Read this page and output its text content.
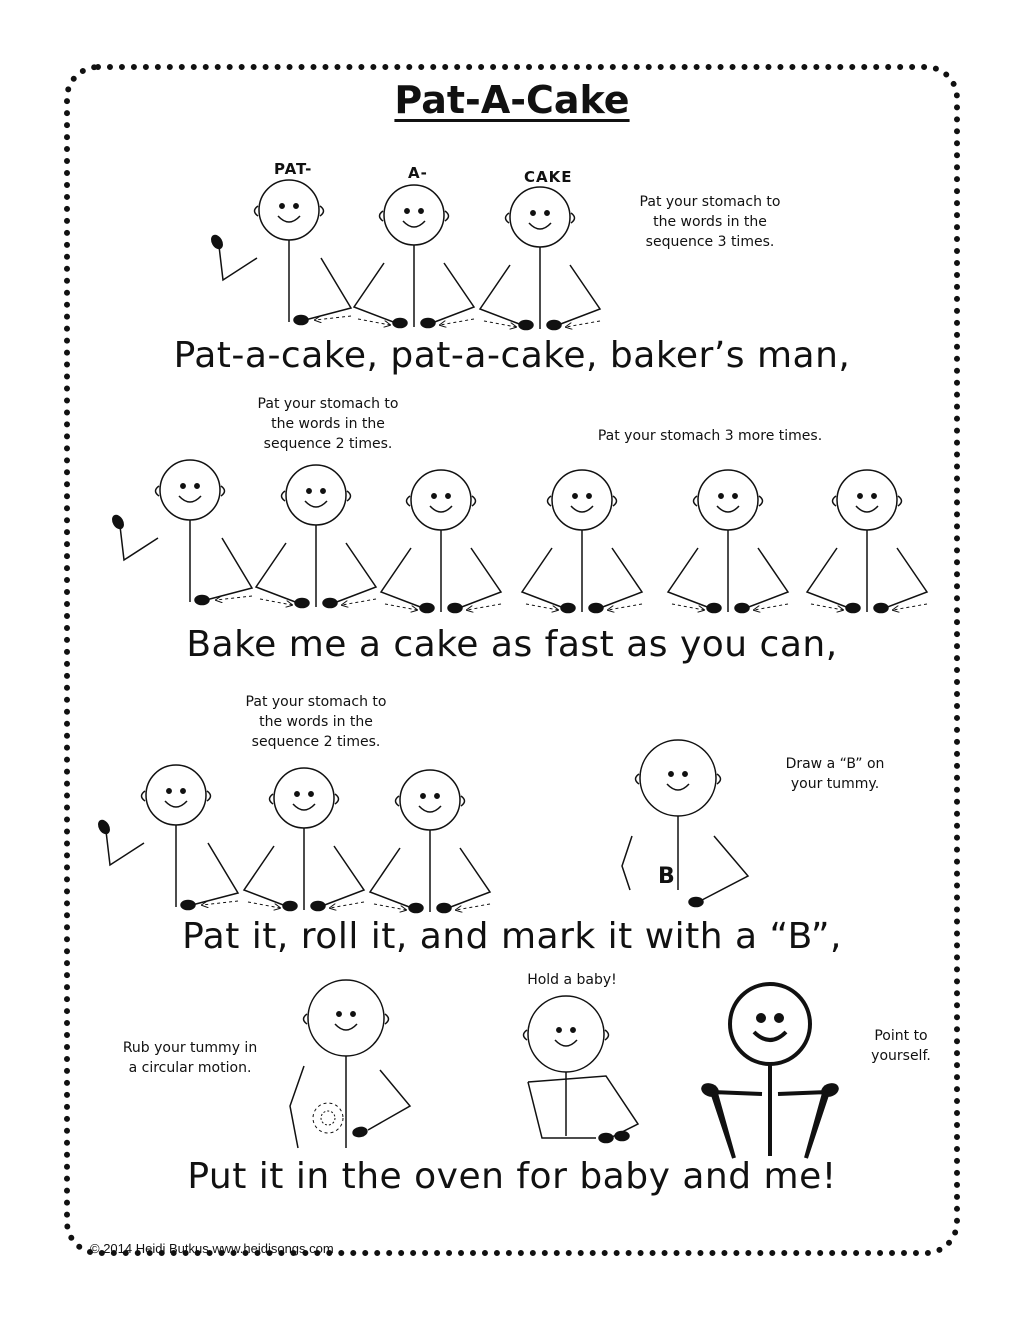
Pat-A-Cake
PAT-	A-	CAKE
Pat your stomach to
the words in the
sequence 3 times.
Pat-a-cake, pat-a-cake, baker’s man,
Pat your stomach to
the words in the
sequence 2 times.	Pat your stomach 3 more times.
Bake me a cake as fast as you can,
Pat your stomach to
the words in the
sequence 2 times.
Draw a “B” on
your tummy.
B
Pat it, roll it, and mark it with a “B”,
Rub your tummy in
a circular motion.
Hold a baby!
Point to
yourself.
Put it in the oven for baby and me!
© 2014 Heidi Butkus www.heidisongs.com
